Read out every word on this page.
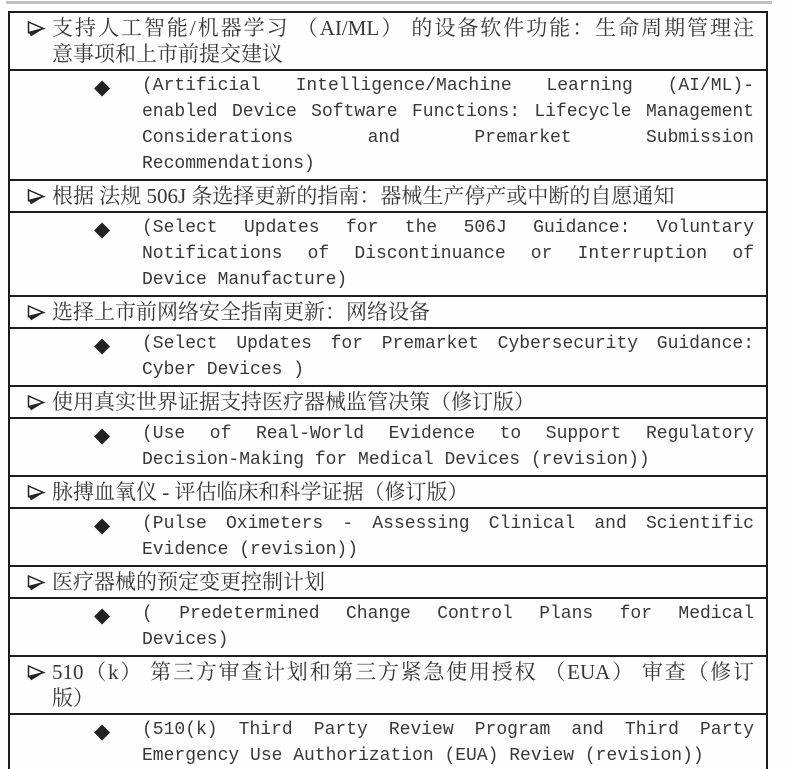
支持人工智能/机器学习 （AI/ML） 的设备软件功能：生命周期管理注
意事项和上市前提交建议
◆ (Artificial Intelligence/Machine Learning (AI/ML)-
enabled Device Software Functions: Lifecycle Management
Considerations and Premarket Submission
Recommendations)
根据 法规 506J 条选择更新的指南：器械生产停产或中断的自愿通知
◆ (Select Updates for the 506J Guidance: Voluntary
Notifications of Discontinuance or Interruption of
Device Manufacture)
选择上市前网络安全指南更新：网络设备
◆ (Select Updates for Premarket Cybersecurity Guidance:
Cyber Devices )
使用真实世界证据支持医疗器械监管决策（修订版）
◆ (Use of Real-World Evidence to Support Regulatory
Decision-Making for Medical Devices (revision))
脉搏血氧仪 - 评估临床和科学证据（修订版）
◆ (Pulse Oximeters - Assessing Clinical and Scientific
Evidence (revision))
医疗器械的预定变更控制计划
◆ ( Predetermined Change Control Plans for Medical
Devices)
510（k） 第三方审查计划和第三方紧急使用授权 （EUA） 审查（修订
版）
◆ (510(k) Third Party Review Program and Third Party
Emergency Use Authorization (EUA) Review (revision))
